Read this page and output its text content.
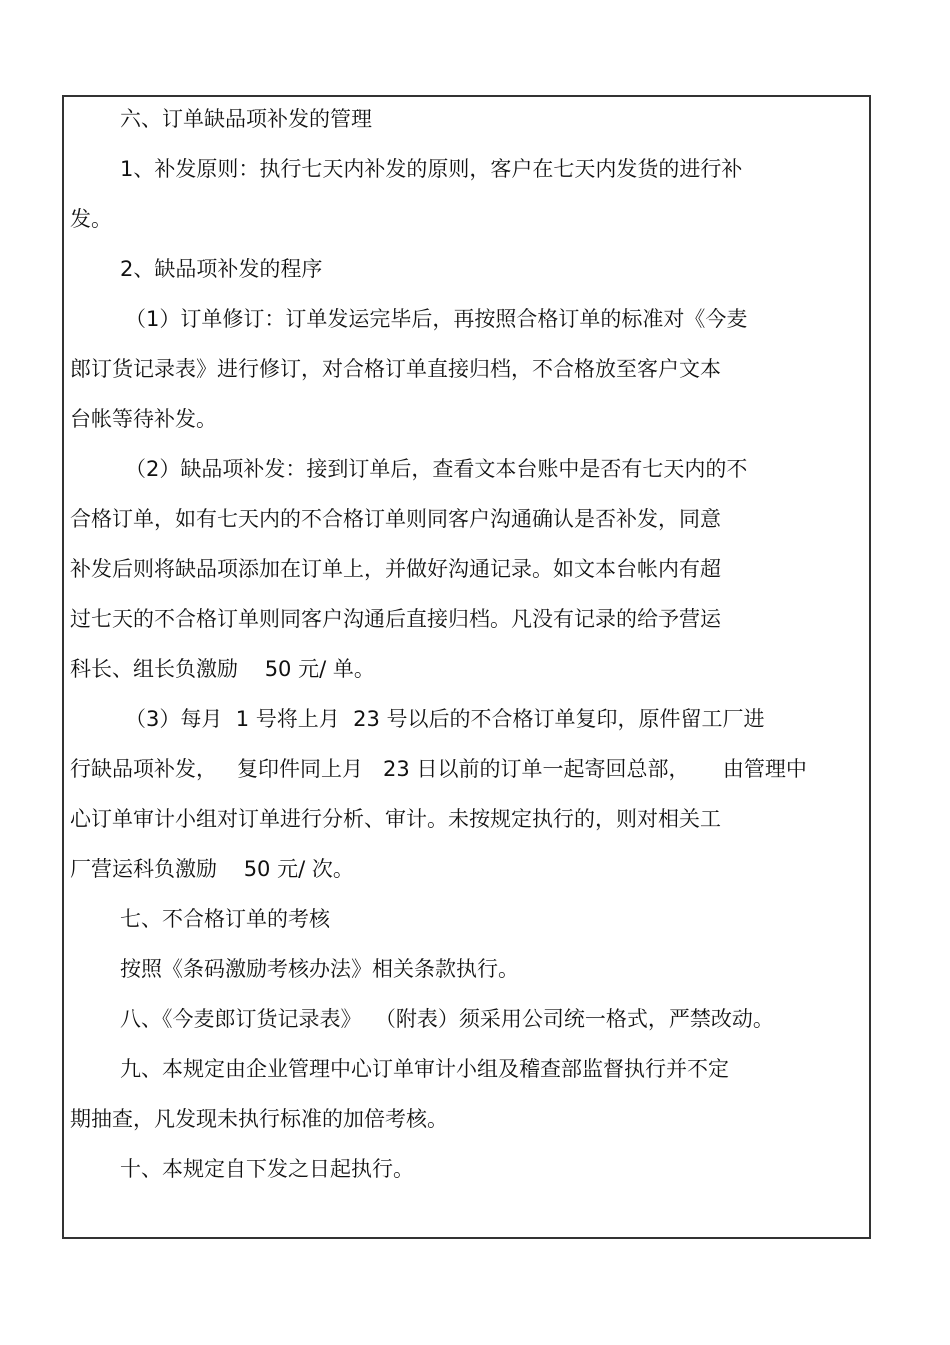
六、订单缺品项补发的管理
1、补发原则：执行七天内补发的原则，客户在七天内发货的进行补
发。
2、缺品项补发的程序
（1）订单修订：订单发运完毕后，再按照合格订单的标准对《今麦
郎订货记录表》进行修订，对合格订单直接归档，不合格放至客户文本
台帐等待补发。
（2）缺品项补发：接到订单后，查看文本台账中是否有七天内的不
合格订单，如有七天内的不合格订单则同客户沟通确认是否补发，同意
补发后则将缺品项添加在订单上，并做好沟通记录。如文本台帐内有超
过七天的不合格订单则同客户沟通后直接归档。凡没有记录的给予营运
科长、组长负激励    50 元/ 单。
（3）每月  1 号将上月  23 号以后的不合格订单复印，原件留工厂进
行缺品项补发，   复印件同上月   23 日以前的订单一起寄回总部，     由管理中
心订单审计小组对订单进行分析、审计。未按规定执行的，则对相关工
厂营运科负激励    50 元/ 次。
七、不合格订单的考核
按照《条码激励考核办法》相关条款执行。
八、《今麦郎订货记录表》  （附表）须采用公司统一格式，严禁改动。
九、本规定由企业管理中心订单审计小组及稽查部监督执行并不定
期抽查，凡发现未执行标准的加倍考核。
十、本规定自下发之日起执行。
